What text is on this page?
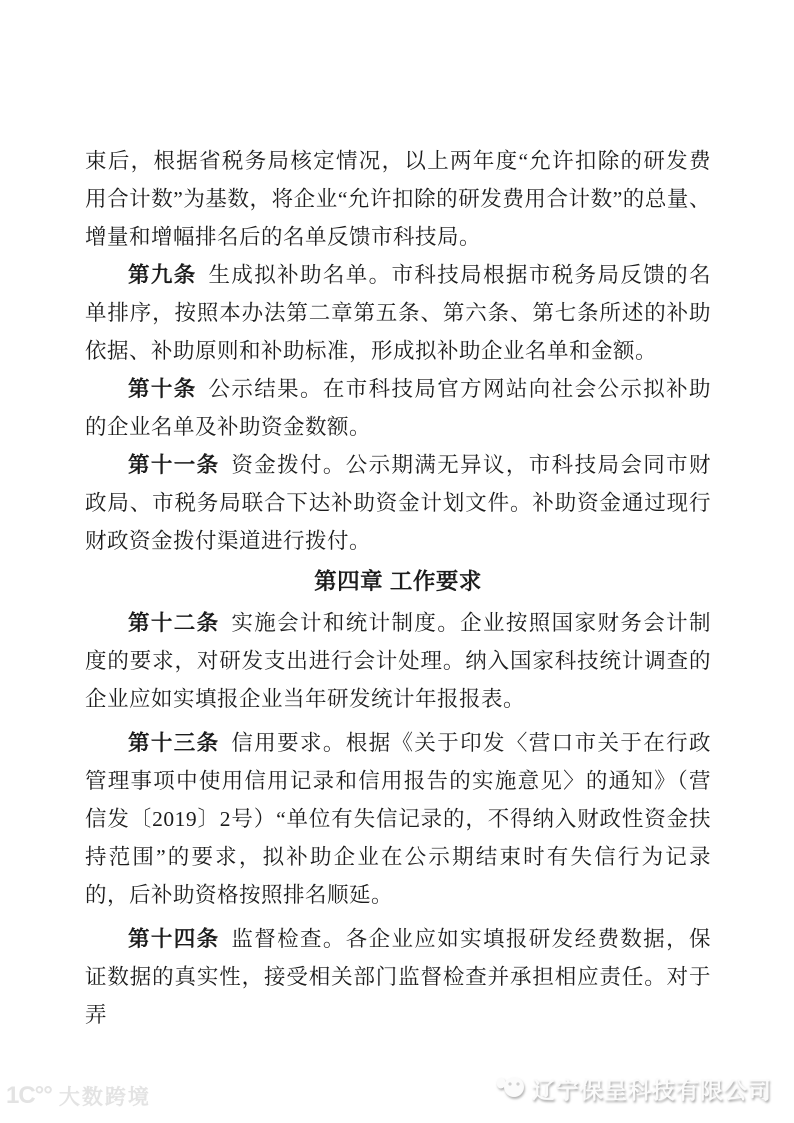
束后，根据省税务局核定情况，以上两年度“允许扣除的研发费用合计数”为基数，将企业“允许扣除的研发费用合计数”的总量、增量和增幅排名后的名单反馈市科技局。

第九条 生成拟补助名单。市科技局根据市税务局反馈的名单排序，按照本办法第二章第五条、第六条、第七条所述的补助依据、补助原则和补助标准，形成拟补助企业名单和金额。

第十条 公示结果。在市科技局官方网站向社会公示拟补助的企业名单及补助资金数额。

第十一条 资金拨付。公示期满无异议，市科技局会同市财政局、市税务局联合下达补助资金计划文件。补助资金通过现行财政资金拨付渠道进行拨付。

第四章 工作要求

第十二条 实施会计和统计制度。企业按照国家财务会计制度的要求，对研发支出进行会计处理。纳入国家科技统计调查的企业应如实填报企业当年研发统计年报报表。

第十三条 信用要求。根据《关于印发〈营口市关于在行政管理事项中使用信用记录和信用报告的实施意见〉的通知》（营信发〔2019〕2号）“单位有失信记录的，不得纳入财政性资金扶持范围”的要求，拟补助企业在公示期结束时有失信行为记录的，后补助资格按照排名顺延。

第十四条 监督检查。各企业应如实填报研发经费数据，保证数据的真实性，接受相关部门监督检查并承担相应责任。对于弄

1Ϲ°° 大数跨境	辽宁保呈科技有限公司
